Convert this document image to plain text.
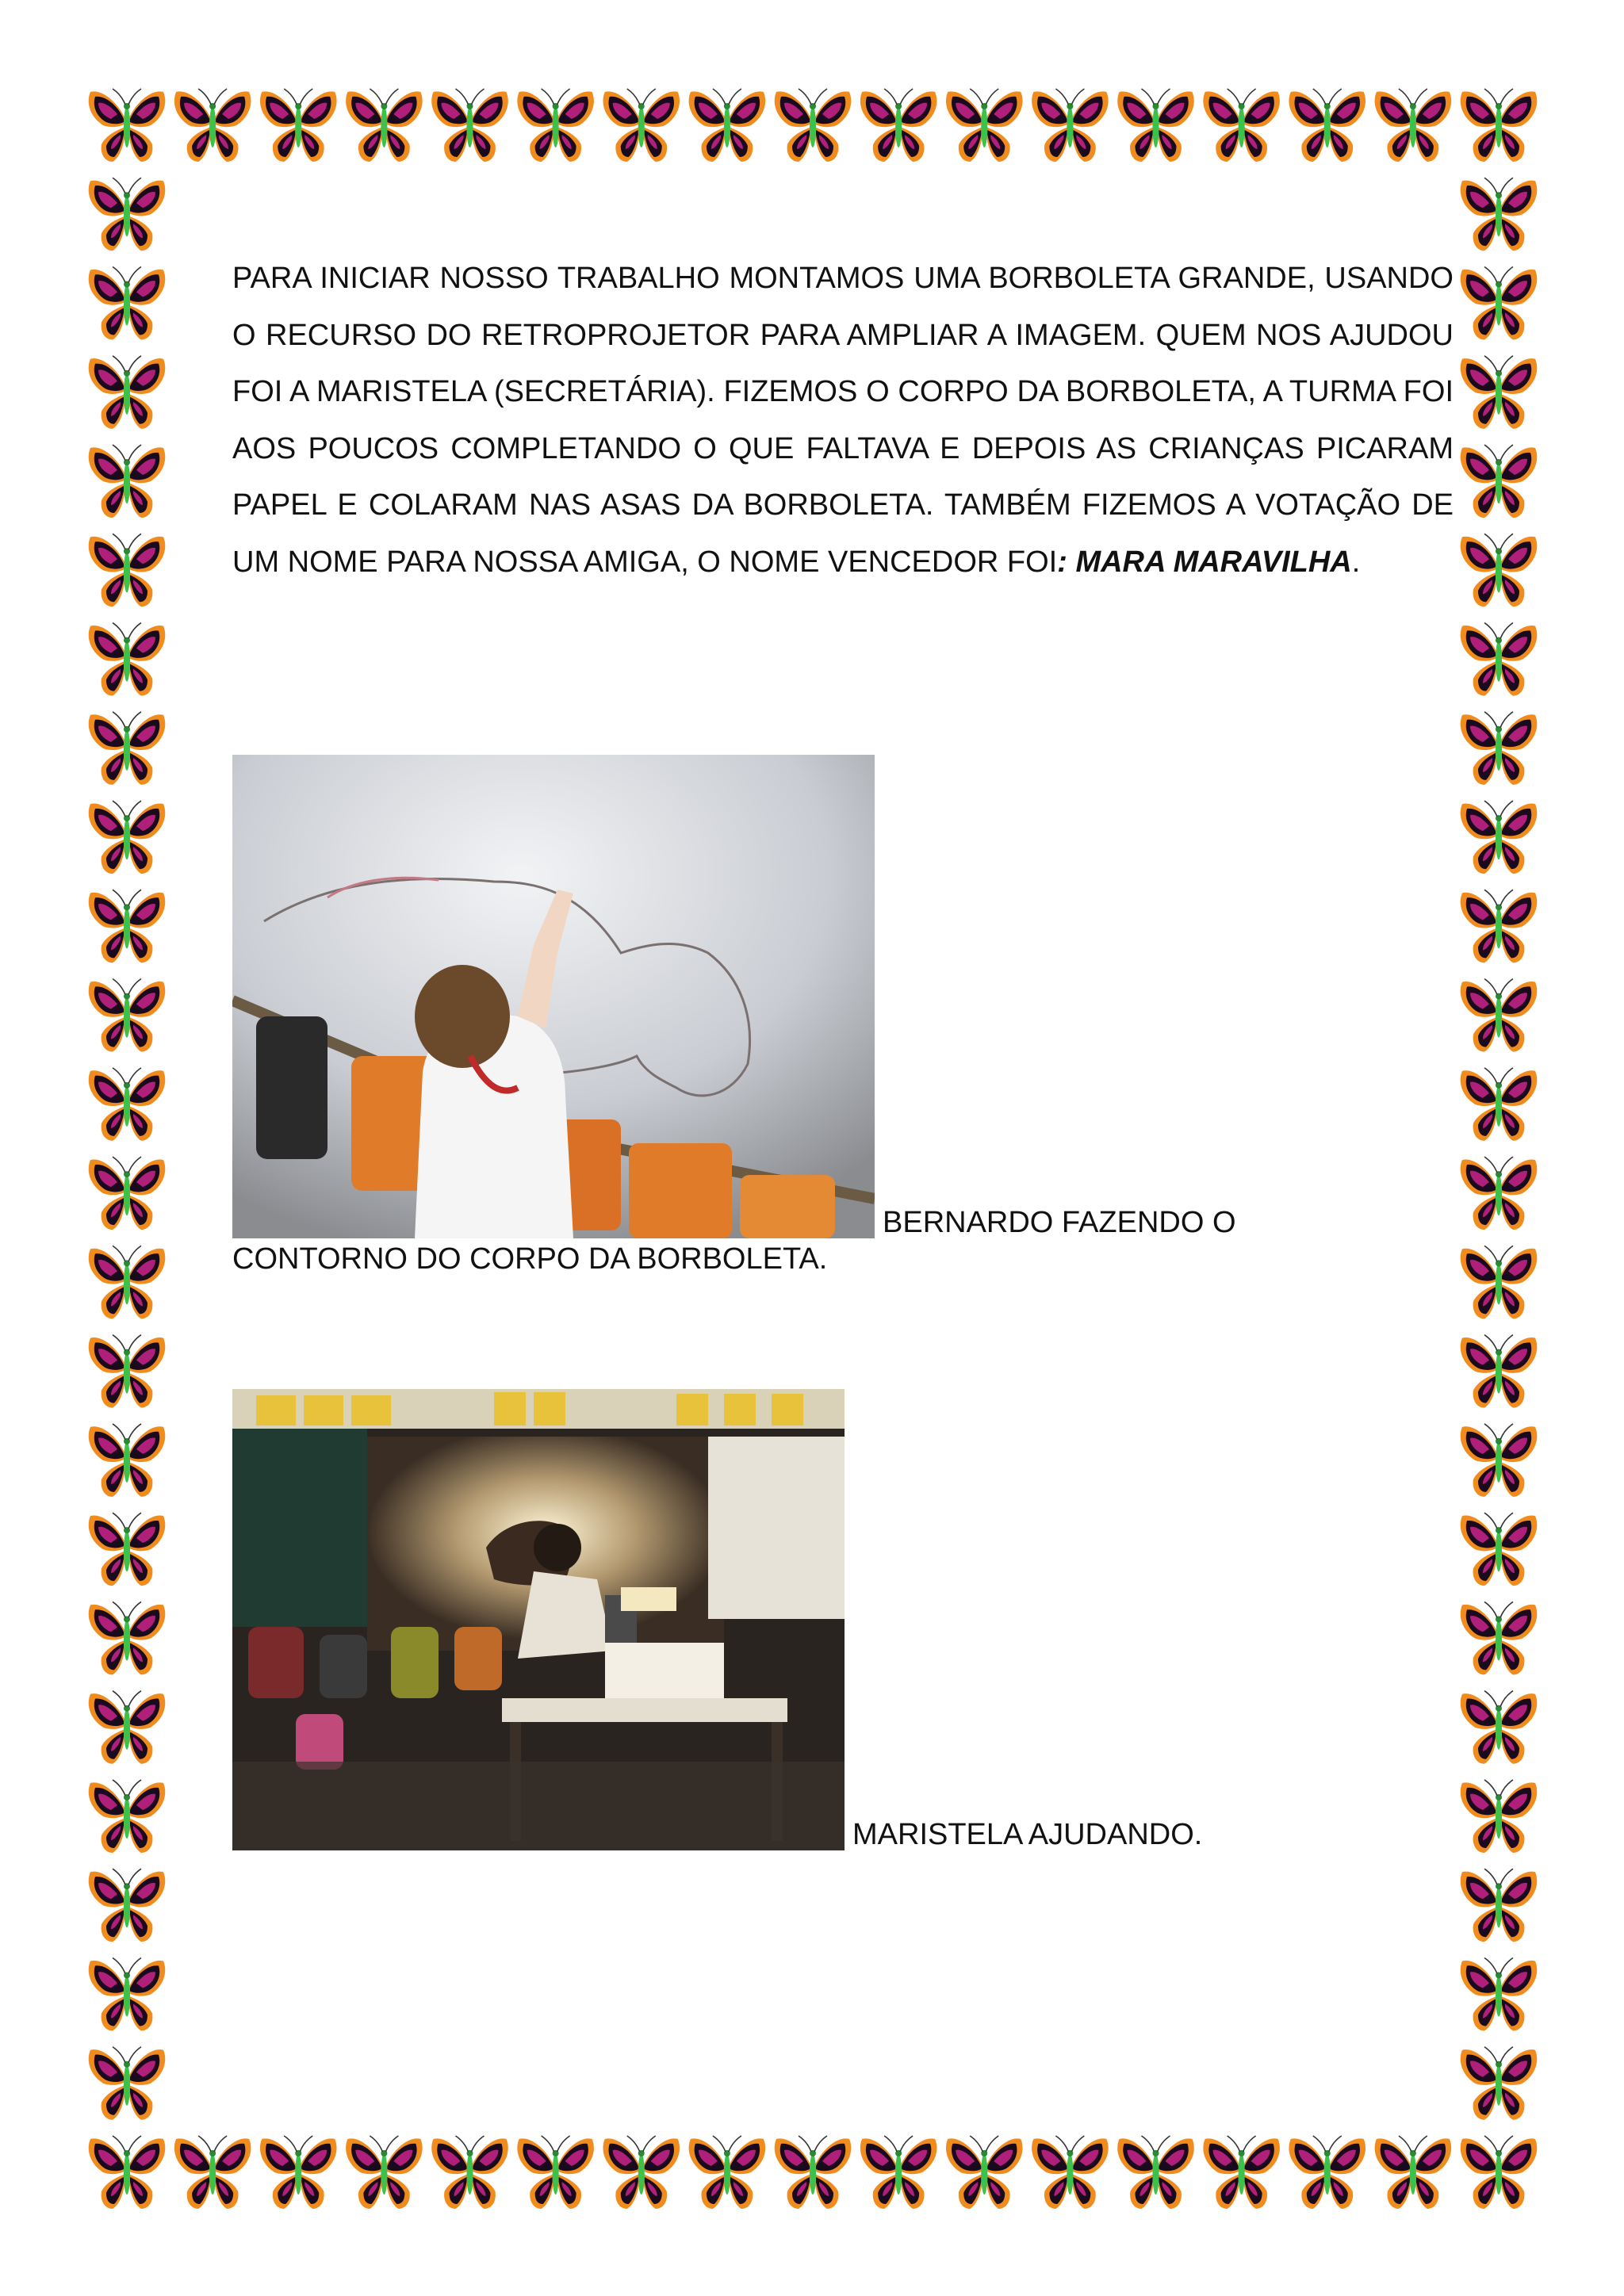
PARA INICIAR NOSSO TRABALHO MONTAMOS UMA BORBOLETA GRANDE, USANDO O RECURSO DO RETROPROJETOR PARA AMPLIAR A IMAGEM. QUEM NOS AJUDOU FOI A MARISTELA (SECRETÁRIA). FIZEMOS O CORPO DA BORBOLETA, A TURMA FOI AOS POUCOS COMPLETANDO O QUE FALTAVA E DEPOIS AS CRIANÇAS PICARAM PAPEL E COLARAM NAS ASAS DA BORBOLETA. TAMBÉM FIZEMOS A VOTAÇÃO DE UM NOME PARA NOSSA AMIGA, O NOME VENCEDOR FOI: MARA MARAVILHA.

BERNARDO FAZENDO O
CONTORNO DO CORPO DA BORBOLETA.
MARISTELA AJUDANDO.
